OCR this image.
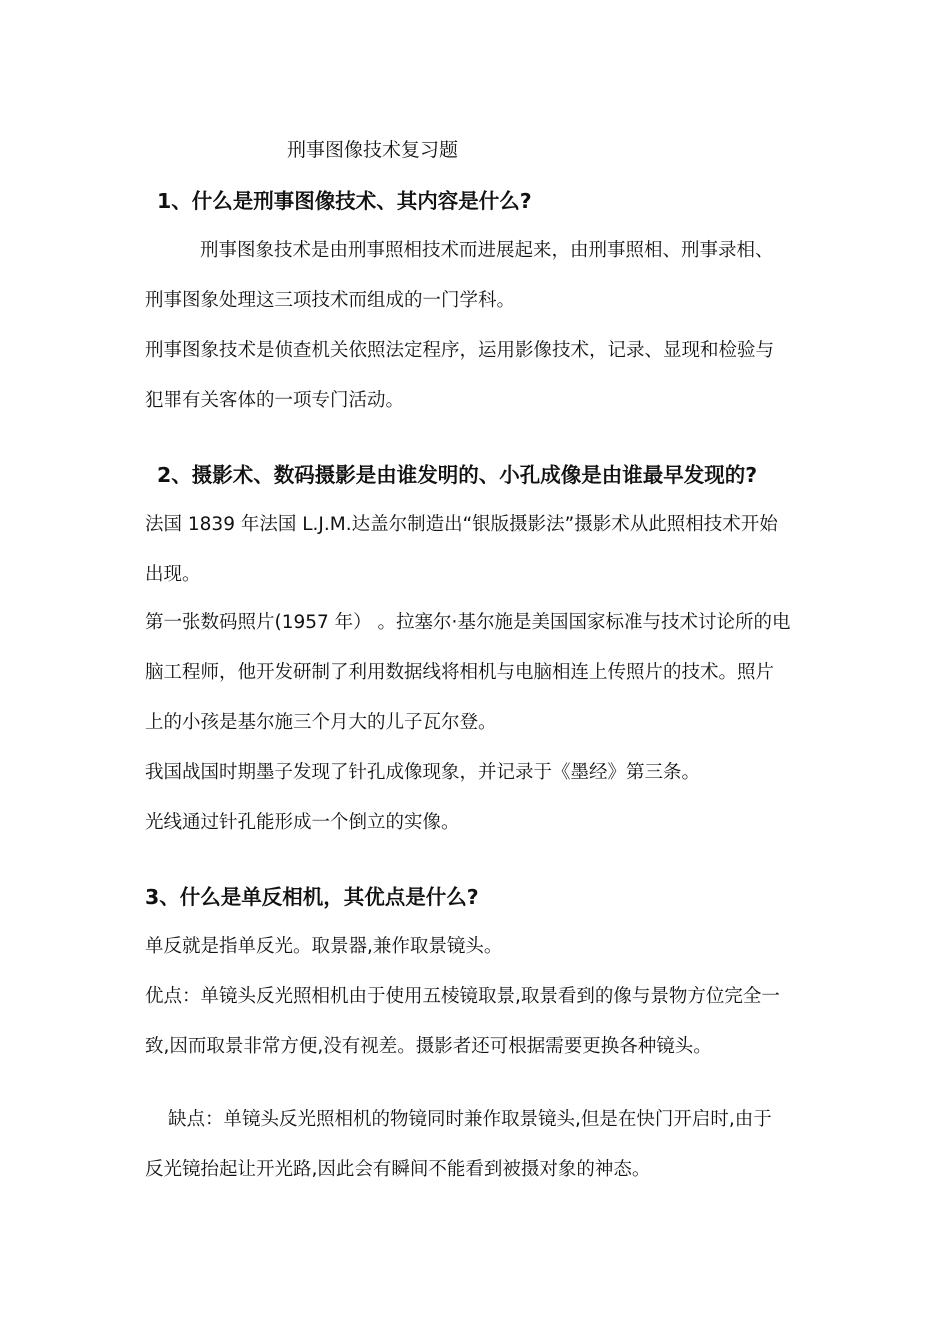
刑事图像技术复习题
1、什么是刑事图像技术、其内容是什么?
刑事图象技术是由刑事照相技术而进展起来，由刑事照相、刑事录相、
刑事图象处理这三项技术而组成的一门学科。
刑事图象技术是侦查机关依照法定程序，运用影像技术，记录、显现和检验与
犯罪有关客体的一项专门活动。
2、摄影术、数码摄影是由谁发明的、小孔成像是由谁最早发现的?
法国 1839 年法国 L.J.M.达盖尔制造出“银版摄影法”摄影术从此照相技术开始
出现。
第一张数码照片(1957 年） 。拉塞尔·基尔施是美国国家标准与技术讨论所的电
脑工程师，他开发研制了利用数据线将相机与电脑相连上传照片的技术。照片
上的小孩是基尔施三个月大的儿子瓦尔登。
我国战国时期墨子发现了针孔成像现象，并记录于《墨经》第三条。
光线通过针孔能形成一个倒立的实像。
3、什么是单反相机，其优点是什么?
单反就是指单反光。取景器,兼作取景镜头。
优点：单镜头反光照相机由于使用五棱镜取景,取景看到的像与景物方位完全一
致,因而取景非常方便,没有视差。摄影者还可根据需要更换各种镜头。
缺点：单镜头反光照相机的物镜同时兼作取景镜头,但是在快门开启时,由于
反光镜抬起让开光路,因此会有瞬间不能看到被摄对象的神态。
